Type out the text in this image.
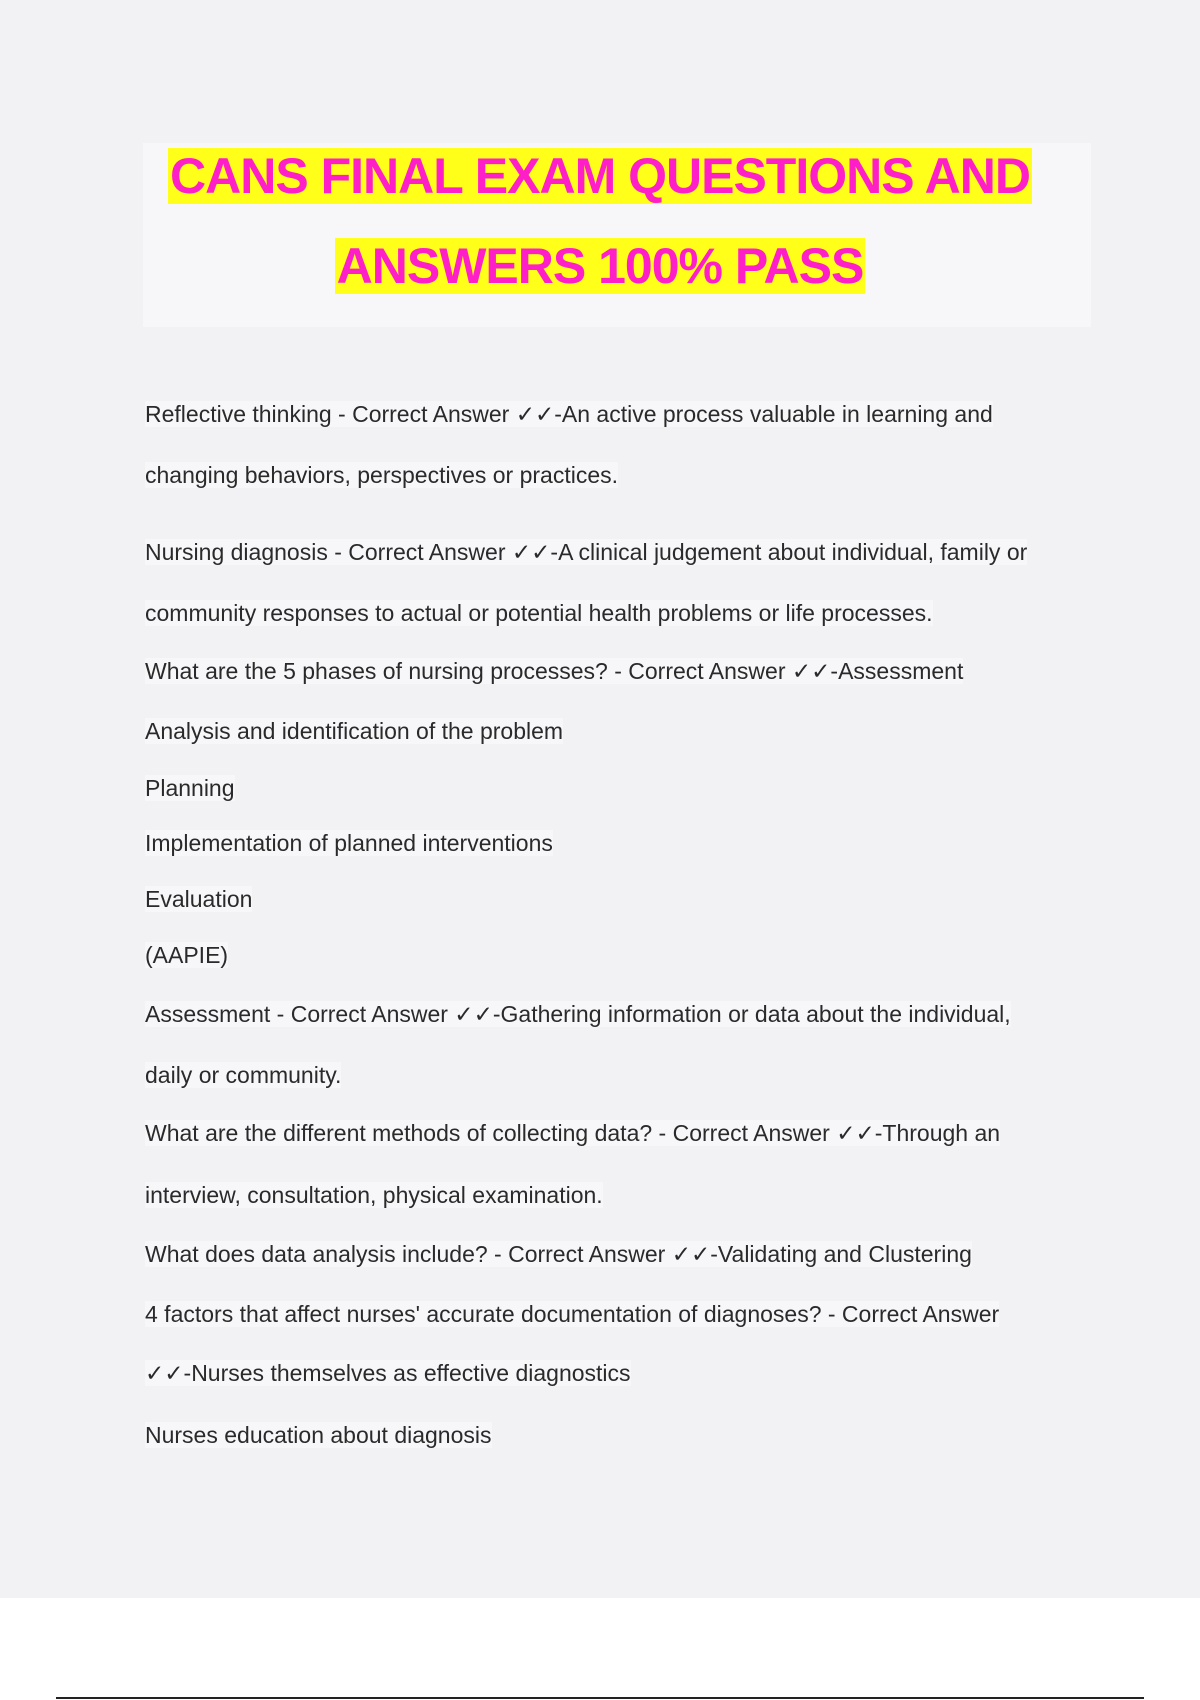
CANS FINAL EXAM QUESTIONS AND
ANSWERS 100% PASS
Reflective thinking - Correct Answer ✓✓-An active process valuable in learning and
changing behaviors, perspectives or practices.
Nursing diagnosis - Correct Answer ✓✓-A clinical judgement about individual, family or
community responses to actual or potential health problems or life processes.
What are the 5 phases of nursing processes? - Correct Answer ✓✓-Assessment
Analysis and identification of the problem
Planning
Implementation of planned interventions
Evaluation
(AAPIE)
Assessment - Correct Answer ✓✓-Gathering information or data about the individual,
daily or community.
What are the different methods of collecting data? - Correct Answer ✓✓-Through an
interview, consultation, physical examination.
What does data analysis include? - Correct Answer ✓✓-Validating and Clustering
4 factors that affect nurses' accurate documentation of diagnoses? - Correct Answer
✓✓-Nurses themselves as effective diagnostics
Nurses education about diagnosis
